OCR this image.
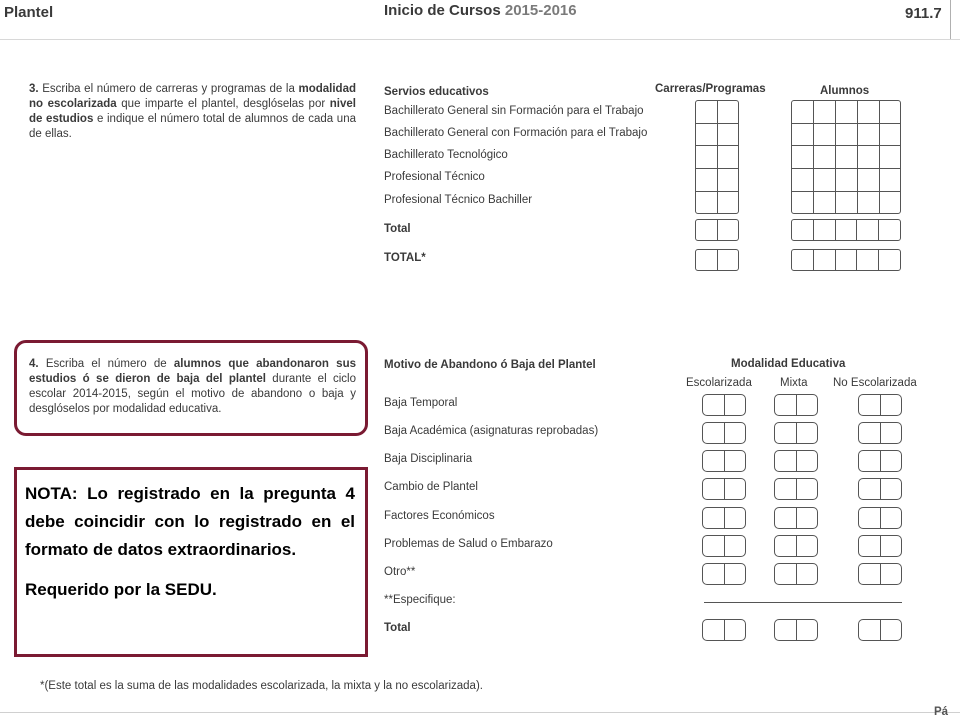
Plantel	Inicio de Cursos 2015-2016	911.7
3. Escriba el número de carreras y programas de la modalidad no escolarizada que imparte el plantel, desglóselas por nivel de estudios e indique el número total de alumnos de cada una de ellas.
Servios educativos	Carreras/Programas	Alumnos
Bachillerato General sin Formación para el Trabajo
Bachillerato General con Formación para el Trabajo
Bachillerato Tecnológico
Profesional Técnico
Profesional Técnico Bachiller
Total
TOTAL*
4. Escriba el número de alumnos que abandonaron sus estudios ó se dieron de baja del plantel durante el ciclo escolar 2014-2015, según el motivo de abandono o baja y desglóselos por modalidad educativa.
Motivo de Abandono ó Baja del Plantel	Modalidad Educativa
Escolarizada Mixta No Escolarizada
Baja Temporal
Baja Académica (asignaturas reprobadas)
Baja Disciplinaria
Cambio de Plantel
Factores Económicos
Problemas de Salud o Embarazo
Otro**
**Especifique:
Total

NOTA: Lo registrado en la pregunta 4 debe coincidir con lo registrado en el formato de datos extraordinarios.

Requerido por la SEDU.

*(Este total es la suma de las modalidades escolarizada, la mixta y la no escolarizada).
Pá
